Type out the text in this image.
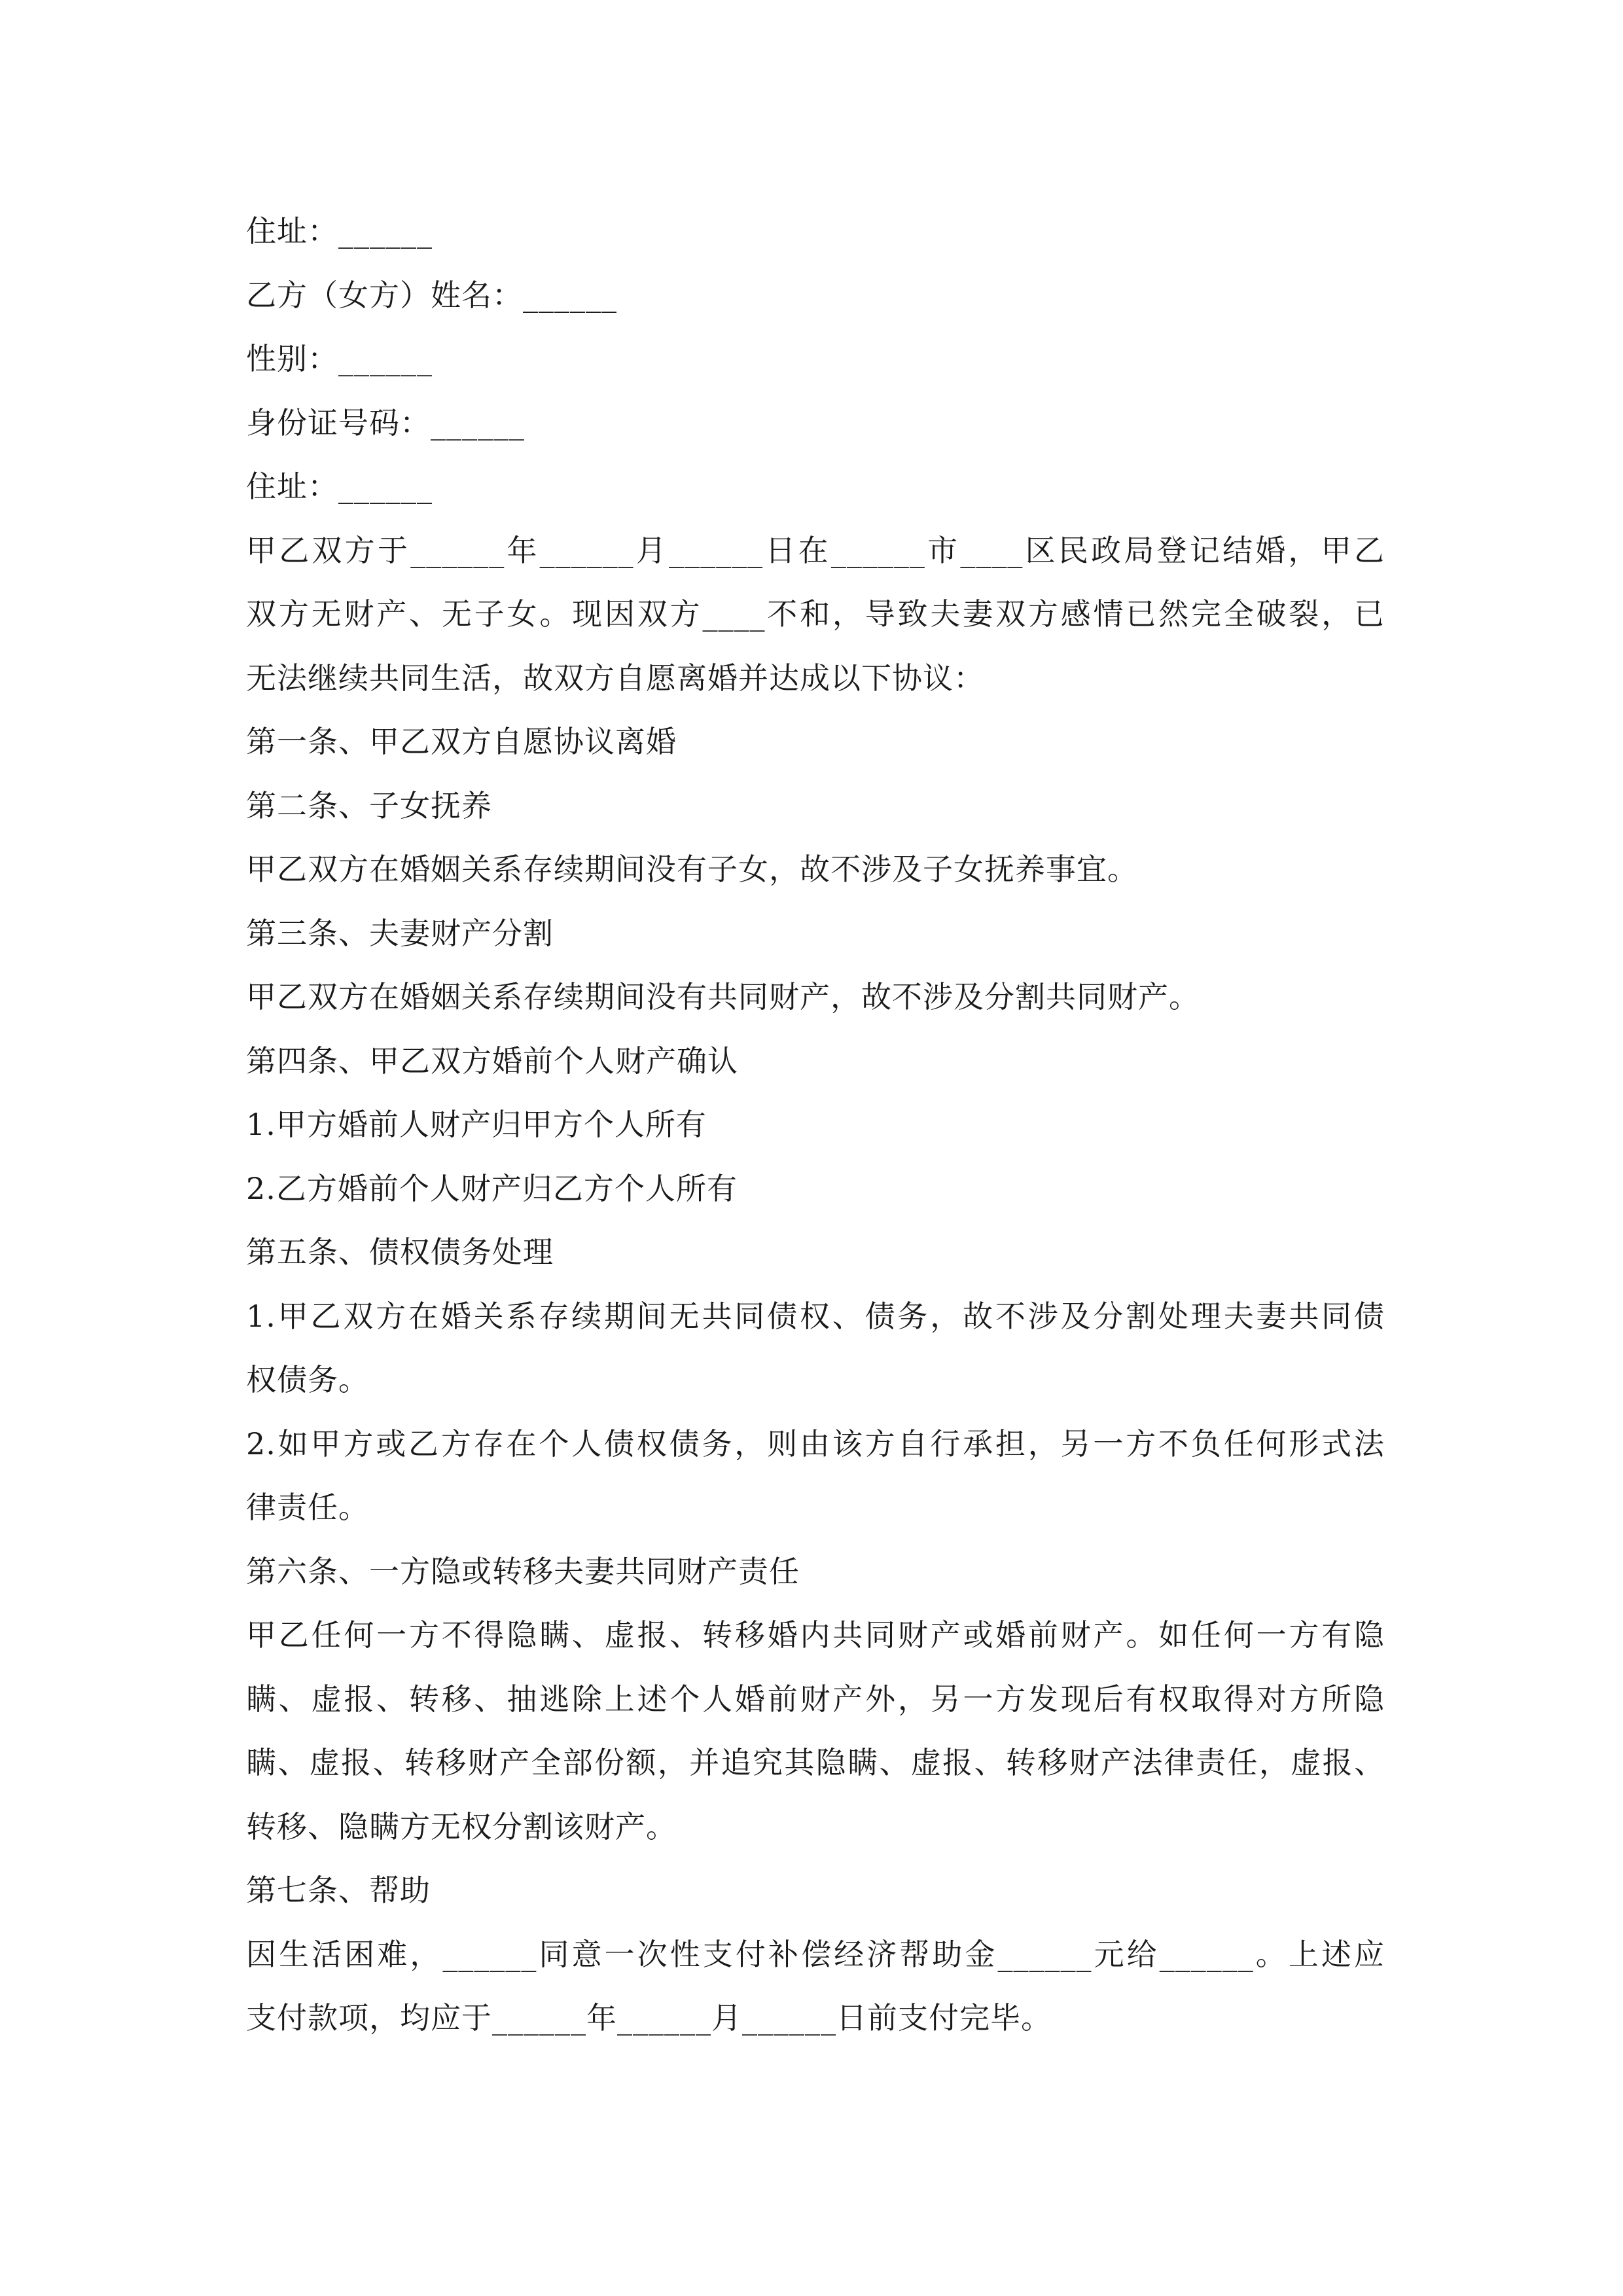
住址：______
乙方（女方）姓名：______
性别：______
身份证号码：______
住址：______
甲乙双方于______年______月______日在______市____区民政局登记结婚，甲乙
双方无财产、无子女。现因双方____不和，导致夫妻双方感情已然完全破裂，已
无法继续共同生活，故双方自愿离婚并达成以下协议：
第一条、甲乙双方自愿协议离婚
第二条、子女抚养
甲乙双方在婚姻关系存续期间没有子女，故不涉及子女抚养事宜。
第三条、夫妻财产分割
甲乙双方在婚姻关系存续期间没有共同财产，故不涉及分割共同财产。
第四条、甲乙双方婚前个人财产确认
1.甲方婚前人财产归甲方个人所有
2.乙方婚前个人财产归乙方个人所有
第五条、债权债务处理
1.甲乙双方在婚关系存续期间无共同债权、债务，故不涉及分割处理夫妻共同债
权债务。
2.如甲方或乙方存在个人债权债务，则由该方自行承担，另一方不负任何形式法
律责任。
第六条、一方隐或转移夫妻共同财产责任
甲乙任何一方不得隐瞒、虚报、转移婚内共同财产或婚前财产。如任何一方有隐
瞒、虚报、转移、抽逃除上述个人婚前财产外，另一方发现后有权取得对方所隐
瞒、虚报、转移财产全部份额，并追究其隐瞒、虚报、转移财产法律责任，虚报、
转移、隐瞒方无权分割该财产。
第七条、帮助
因生活困难，______同意一次性支付补偿经济帮助金______元给______。上述应
支付款项，均应于______年______月______日前支付完毕。
